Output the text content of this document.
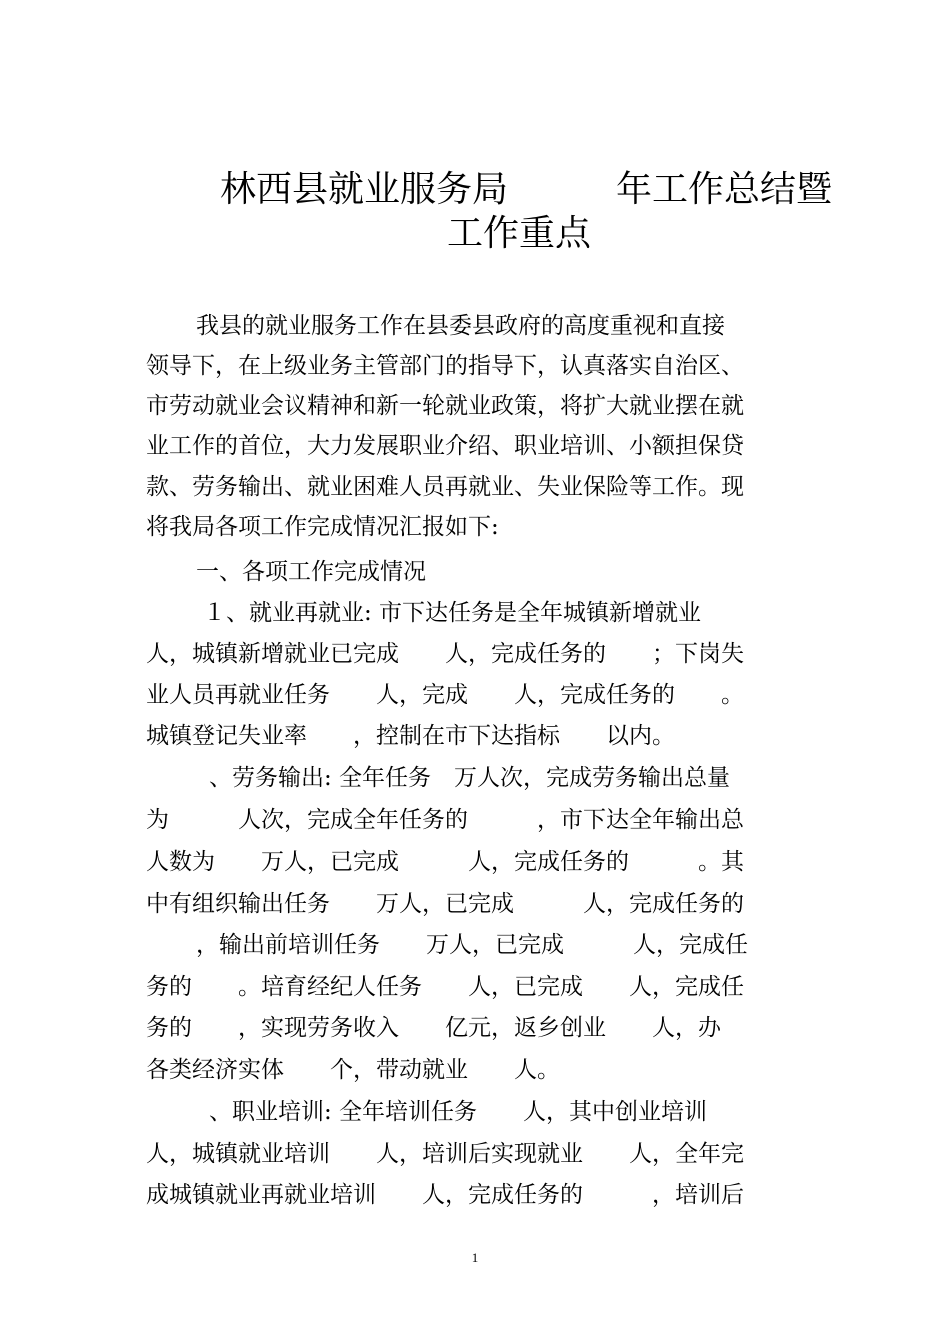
林西县就业服务局　　　年工作总结暨
工作重点
我县的就业服务工作在县委县政府的高度重视和直接
领导下，在上级业务主管部门的指导下，认真落实自治区、
市劳动就业会议精神和新一轮就业政策，将扩大就业摆在就
业工作的首位，大力发展职业介绍、职业培训、小额担保贷
款、劳务输出、就业困难人员再就业、失业保险等工作。现
将我局各项工作完成情况汇报如下:
一、各项工作完成情况
１、就业再就业: 市下达任务是全年城镇新增就业
人，城镇新增就业已完成　　人，完成任务的　　；下岗失
业人员再就业任务　　人，完成　　人，完成任务的　　。
城镇登记失业率　　，控制在市下达指标　　以内。
、劳务输出: 全年任务　万人次，完成劳务输出总量
为　　　人次，完成全年任务的　　　，市下达全年输出总
人数为　　万人，已完成　　　人，完成任务的　　　。其
中有组织输出任务　　万人，已完成　　　人，完成任务的
，输出前培训任务　　万人，已完成　　　人，完成任
务的　　。培育经纪人任务　　人，已完成　　人，完成任
务的　　，实现劳务收入　　亿元，返乡创业　　人，办
各类经济实体　　个，带动就业　　人。
、职业培训: 全年培训任务　　人，其中创业培训
人，城镇就业培训　　人，培训后实现就业　　人，全年完
成城镇就业再就业培训　　人，完成任务的　　　，培训后
1
